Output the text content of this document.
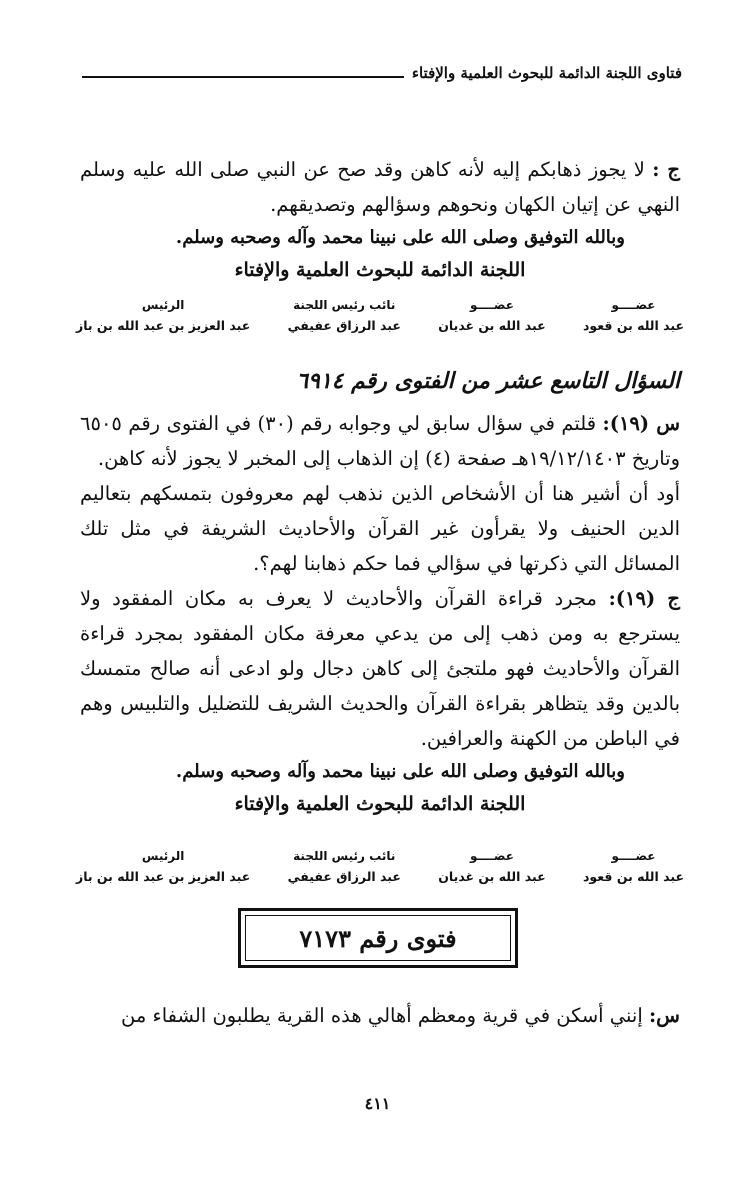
فتاوى اللجنة الدائمة للبحوث العلمية والإفتاء

ج : لا يجوز ذهابكم إليه لأنه كاهن وقد صح عن النبي صلى الله عليه وسلم النهي عن إتيان الكهان ونحوهم وسؤالهم وتصديقهم.

وبالله التوفيق وصلى الله على نبينا محمد وآله وصحبه وسلم.

اللجنة الدائمة للبحوث العلمية والإفتاء

عضــــو
عبد الله بن قعود
عضــــو
عبد الله بن غديان
نائب رئيس اللجنة
عبد الرزاق عفيفي
الرئيس
عبد العزيز بن عبد الله بن باز
السؤال التاسع عشر من الفتوى رقم ٦٩١٤

س (١٩): قلتم في سؤال سابق لي وجوابه رقم (٣٠) في الفتوى رقم ٦٥٠٥ وتاريخ ١٩/١٢/١٤٠٣هـ صفحة (٤) إن الذهاب إلى المخبر لا يجوز لأنه كاهن.

أود أن أشير هنا أن الأشخاص الذين نذهب لهم معروفون بتمسكهم بتعاليم الدين الحنيف ولا يقرأون غير القرآن والأحاديث الشريفة في مثل تلك المسائل التي ذكرتها في سؤالي فما حكم ذهابنا لهم؟.

ج (١٩): مجرد قراءة القرآن والأحاديث لا يعرف به مكان المفقود ولا يسترجع به ومن ذهب إلى من يدعي معرفة مكان المفقود بمجرد قراءة القرآن والأحاديث فهو ملتجئ إلى كاهن دجال ولو ادعى أنه صالح متمسك بالدين وقد يتظاهر بقراءة القرآن والحديث الشريف للتضليل والتلبيس وهم في الباطن من الكهنة والعرافين.

وبالله التوفيق وصلى الله على نبينا محمد وآله وصحبه وسلم.

اللجنة الدائمة للبحوث العلمية والإفتاء

عضــــو
عبد الله بن قعود
عضــــو
عبد الله بن غديان
نائب رئيس اللجنة
عبد الرزاق عفيفي
الرئيس
عبد العزيز بن عبد الله بن باز
فتوى رقم ٧١٧٣

س: إنني أسكن في قرية ومعظم أهالي هذه القرية يطلبون الشفاء من

٤١١
